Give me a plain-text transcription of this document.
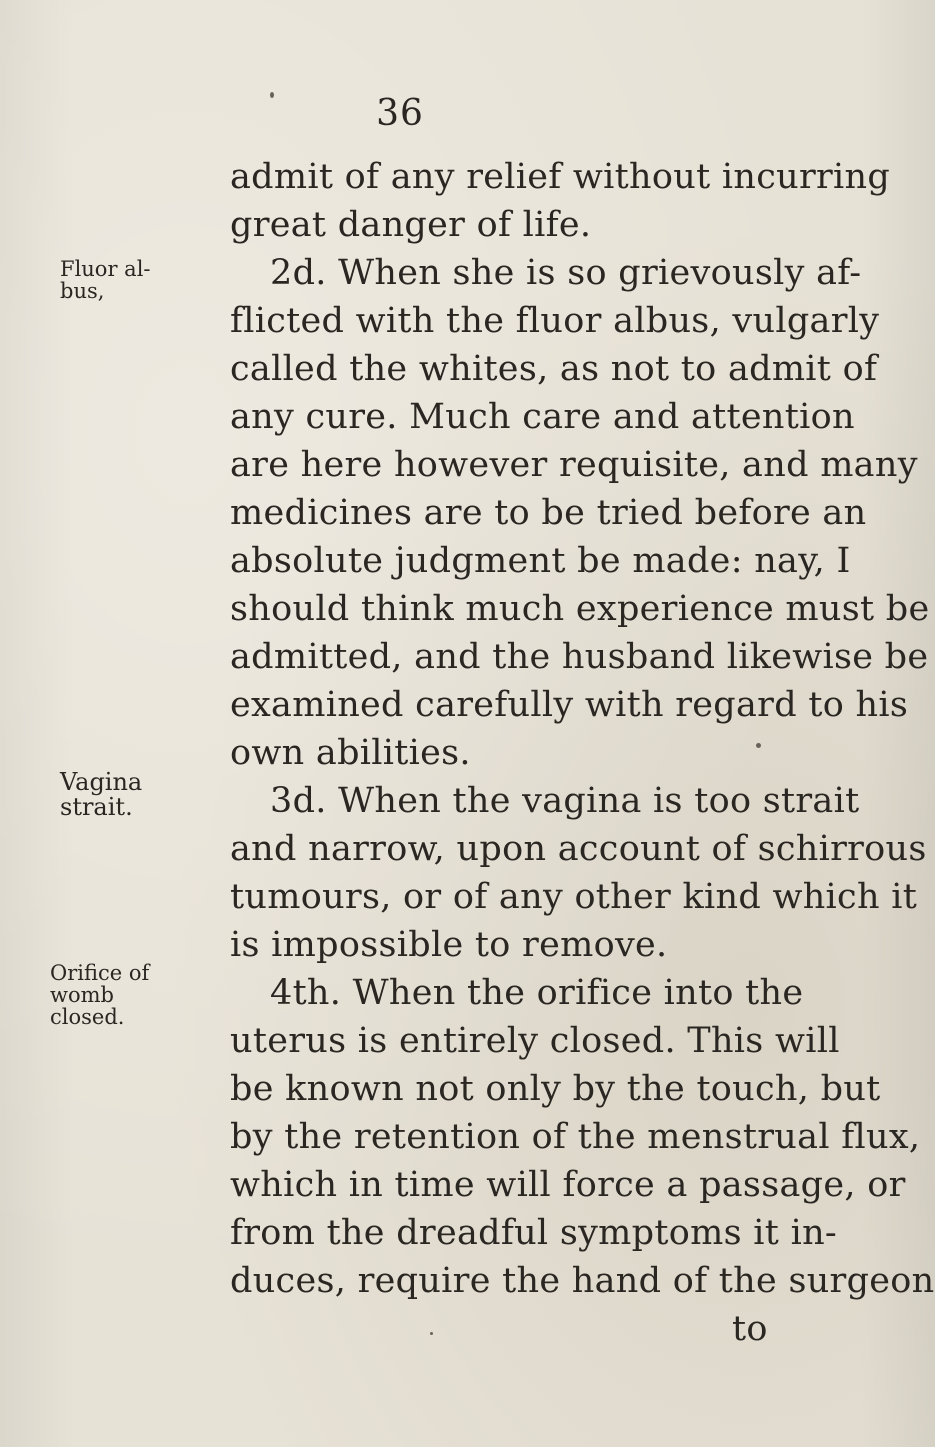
36
Fluor al-
bus,
Vagina
strait.
Orifice of
womb
closed.
admit of any relief without incurring
great danger of life.
2d. When she is so grievously af-
flicted with the fluor albus, vulgarly
called the whites, as not to admit of
any cure. Much care and attention
are here however requisite, and many
medicines are to be tried before an
absolute judgment be made: nay, I
should think much experience must be
admitted, and the husband likewise be
examined carefully with regard to his
own abilities.
3d. When the vagina is too strait
and narrow, upon account of schirrous
tumours, or of any other kind which it
is impossible to remove.
4th. When the orifice into the
uterus is entirely closed. This will
be known not only by the touch, but
by the retention of the menstrual flux,
which in time will force a passage, or
from the dreadful symptoms it in-
duces, require the hand of the surgeon
to
